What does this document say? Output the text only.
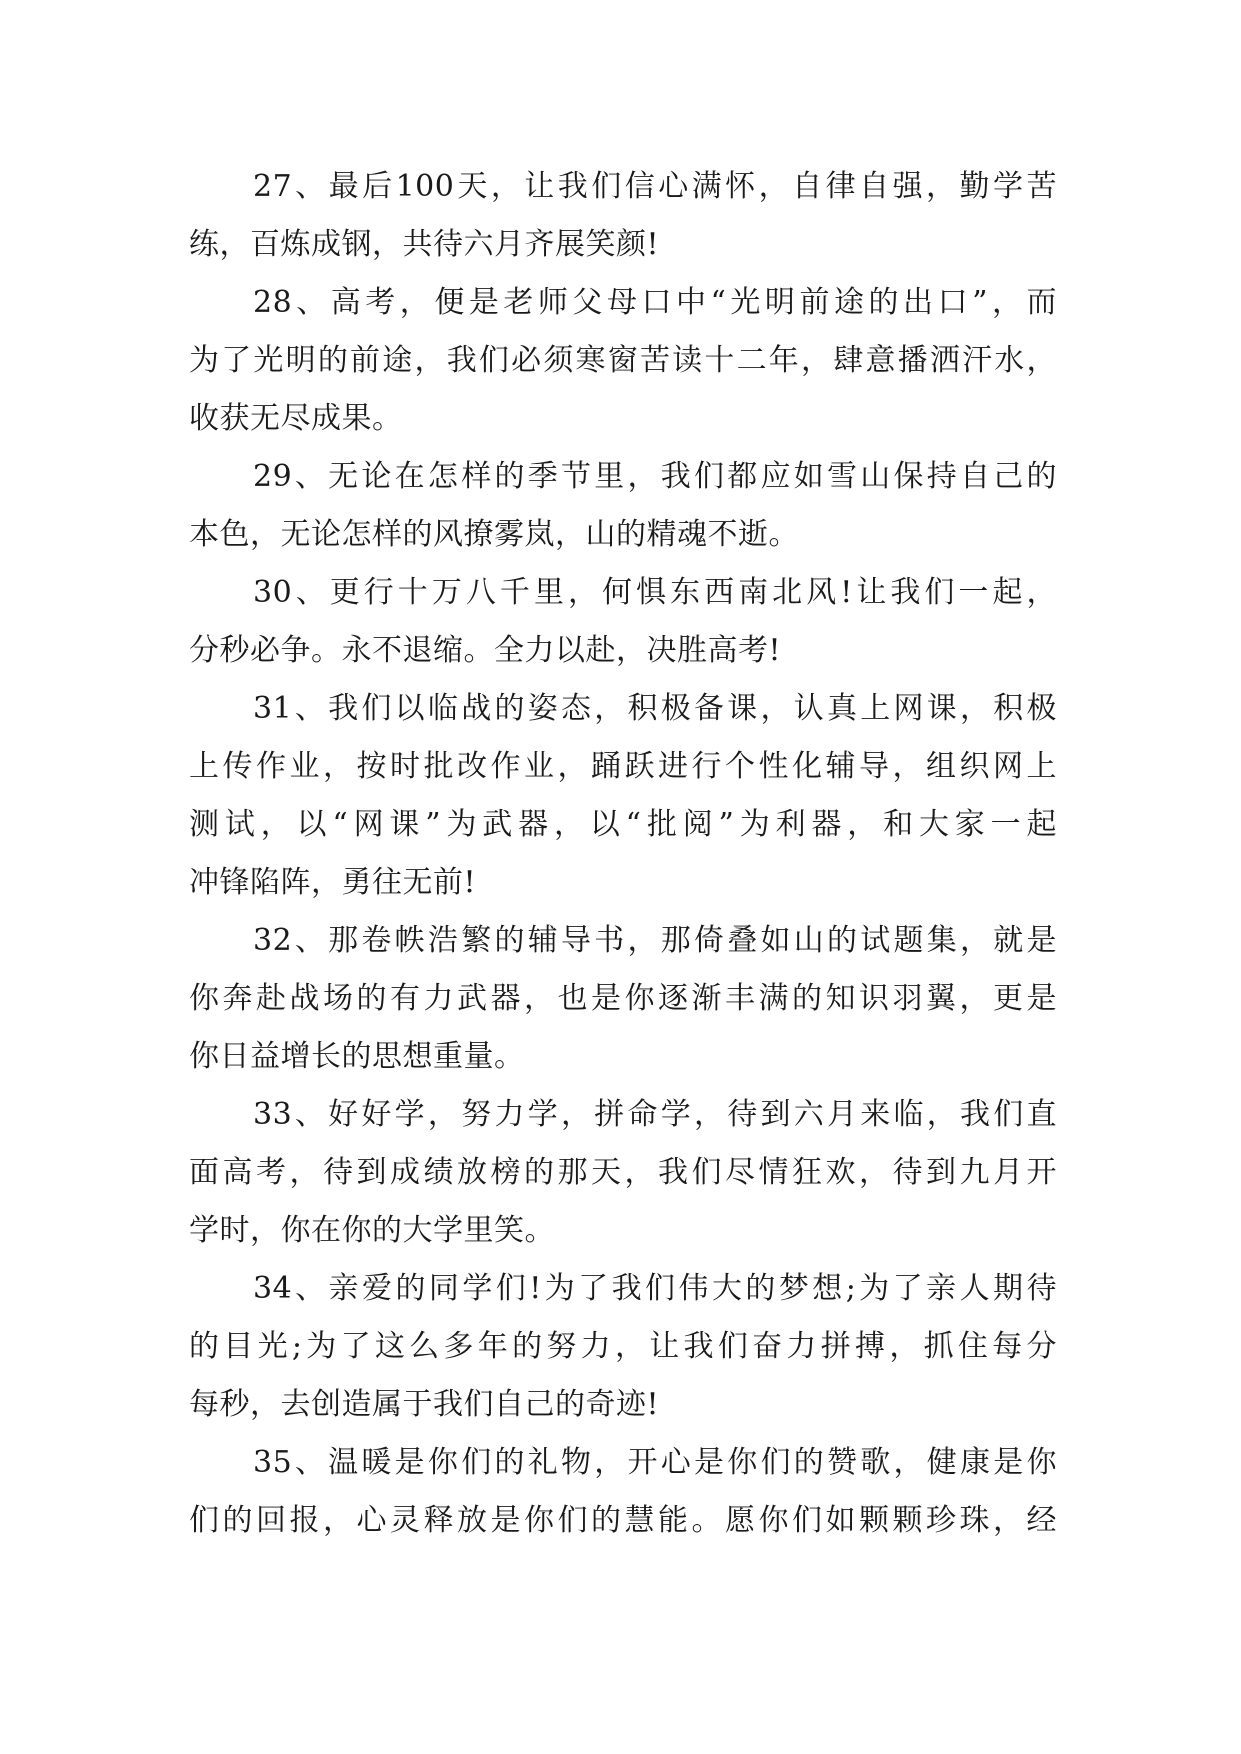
27、最后100天，让我们信心满怀，自律自强，勤学苦
练，百炼成钢，共待六月齐展笑颜!

28、高考，便是老师父母口中“光明前途的出口”，而
为了光明的前途，我们必须寒窗苦读十二年，肆意播洒汗水，
收获无尽成果。

29、无论在怎样的季节里，我们都应如雪山保持自己的
本色，无论怎样的风撩雾岚，山的精魂不逝。

30、更行十万八千里，何惧东西南北风!让我们一起，
分秒必争。永不退缩。全力以赴，决胜高考!

31、我们以临战的姿态，积极备课，认真上网课，积极
上传作业，按时批改作业，踊跃进行个性化辅导，组织网上
测试，以“网课”为武器，以“批阅”为利器，和大家一起
冲锋陷阵，勇往无前!

32、那卷帙浩繁的辅导书，那倚叠如山的试题集，就是
你奔赴战场的有力武器，也是你逐渐丰满的知识羽翼，更是
你日益增长的思想重量。

33、好好学，努力学，拼命学，待到六月来临，我们直
面高考，待到成绩放榜的那天，我们尽情狂欢，待到九月开
学时，你在你的大学里笑。

34、亲爱的同学们!为了我们伟大的梦想;为了亲人期待
的目光;为了这么多年的努力，让我们奋力拼搏，抓住每分
每秒，去创造属于我们自己的奇迹!

35、温暖是你们的礼物，开心是你们的赞歌，健康是你
们的回报，心灵释放是你们的慧能。愿你们如颗颗珍珠，经
